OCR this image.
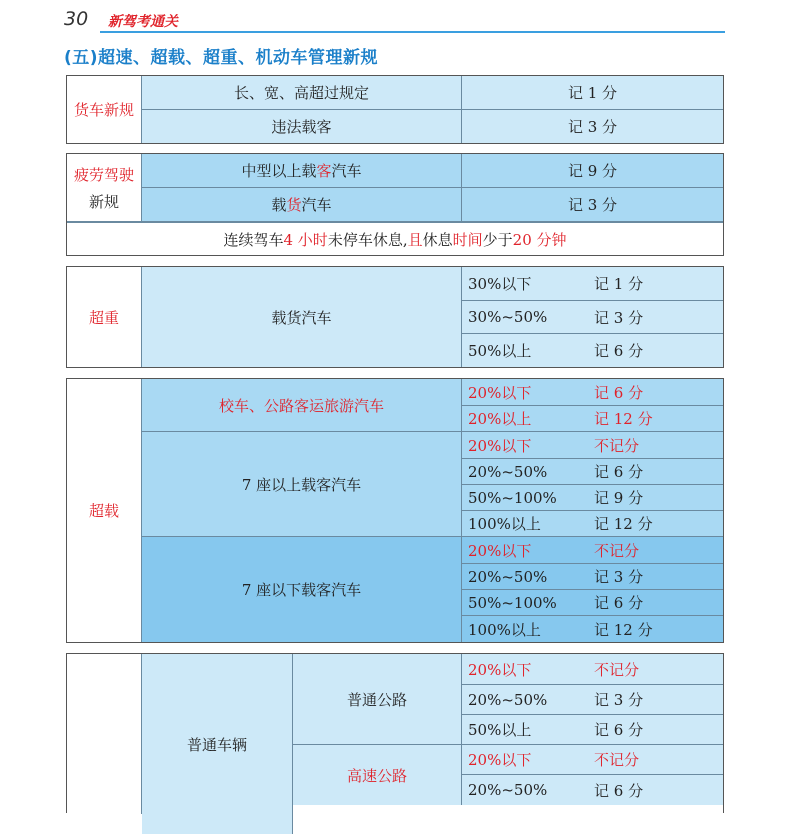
30 新驾考通关
(五)超速、超载、超重、机动车管理新规
货车新规
长、宽、高超过规定	记 1 分
违法载客	记 3 分
疲劳驾驶
新规
中型以上载 客 汽车	记 9 分
载 货 汽车	记 3 分
连续驾车 4 小时 未停车休息, 且 休息 时间 少于 20 分钟
超重	载货汽车
30%以下	记 1 分
30%~50%	记 3 分
50%以上	记 6 分
超载
校车、公路客运旅游汽车
20%以下	记 6 分
20%以上	记 12 分
7 座以上载客汽车
20%以下	不记分
20%~50%	记 6 分
50%~100% 记 9 分
100%以上	记 12 分
7 座以下载客汽车
20%以下	不记分
20%~50%	记 3 分
50%~100% 记 6 分
100%以上	记 12 分
普通车辆
普通公路
20%以下	不记分
20%~50%	记 3 分
50%以上	记 6 分
高速公路
20%以下	不记分
20%~50%	记 6 分
